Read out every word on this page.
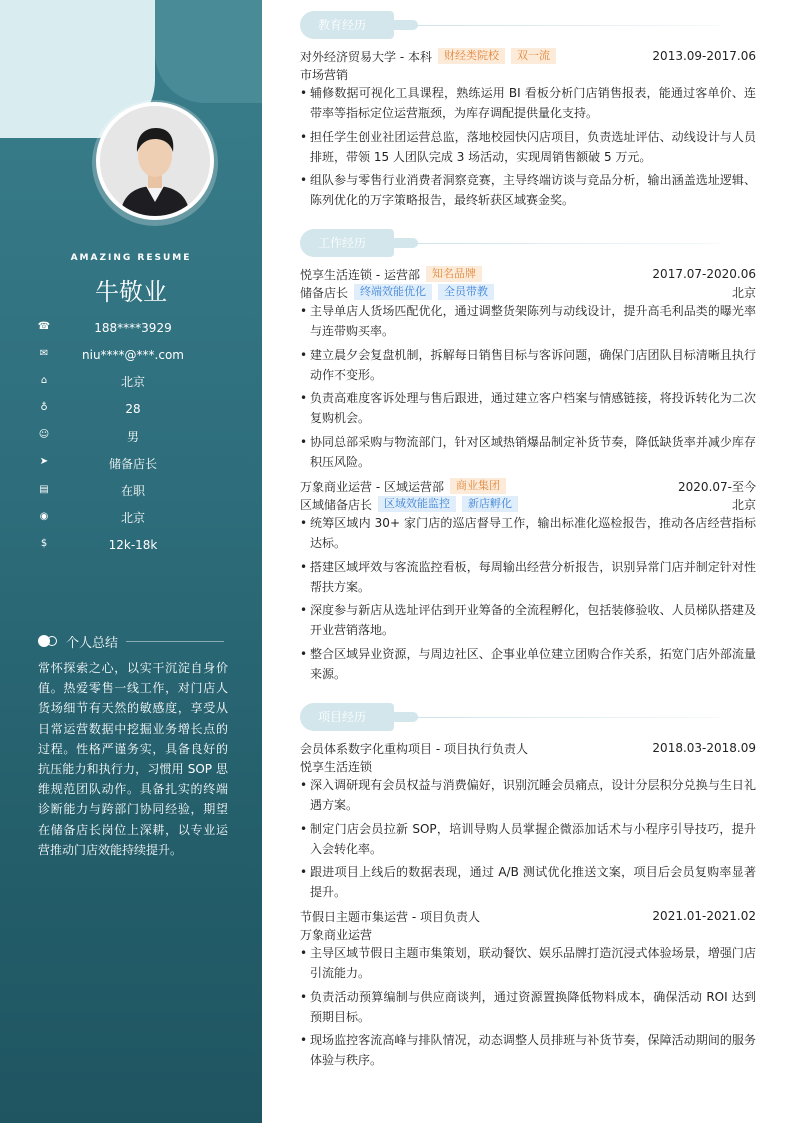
AMAZING RESUME
牛敬业
☎	188****3929
✉	niu****@***.com
⌂	北京
♁	28
☺	男
➤	储备店长
▤	在职
◉	北京
$	12k-18k
个人总结
常怀探索之心，以实干沉淀自身价值。热爱零售一线工作，对门店人货场细节有天然的敏感度，享受从日常运营数据中挖掘业务增长点的过程。性格严谨务实，具备良好的抗压能力和执行力，习惯用 SOP 思维规范团队动作。具备扎实的终端诊断能力与跨部门协同经验，期望在储备店长岗位上深耕，以专业运营推动门店效能持续提升。
教育经历
对外经济贸易大学 - 本科	财经类院校	双一流	2013.09-2017.06
市场营销
• 辅修数据可视化工具课程，熟练运用 BI 看板分析门店销售报表，能通过客单价、连带率等指标定位运营瓶颈，为库存调配提供量化支持。
• 担任学生创业社团运营总监，落地校园快闪店项目，负责选址评估、动线设计与人员排班，带领 15 人团队完成 3 场活动，实现周销售额破 5 万元。
• 组队参与零售行业消费者洞察竞赛，主导终端访谈与竞品分析，输出涵盖选址逻辑、陈列优化的万字策略报告，最终斩获区域赛金奖。
工作经历
悦享生活连锁 - 运营部	知名品牌	2017.07-2020.06
储备店长	终端效能优化	全员带教	北京
• 主导单店人货场匹配优化，通过调整货架陈列与动线设计，提升高毛利品类的曝光率与连带购买率。
• 建立晨夕会复盘机制，拆解每日销售目标与客诉问题，确保门店团队目标清晰且执行动作不变形。
• 负责高难度客诉处理与售后跟进，通过建立客户档案与情感链接，将投诉转化为二次复购机会。
• 协同总部采购与物流部门，针对区域热销爆品制定补货节奏，降低缺货率并减少库存积压风险。
万象商业运营 - 区域运营部	商业集团	2020.07-至今
区域储备店长	区域效能监控	新店孵化	北京
• 统筹区域内 30+ 家门店的巡店督导工作，输出标准化巡检报告，推动各店经营指标达标。
• 搭建区域坪效与客流监控看板，每周输出经营分析报告，识别异常门店并制定针对性帮扶方案。
• 深度参与新店从选址评估到开业筹备的全流程孵化，包括装修验收、人员梯队搭建及开业营销落地。
• 整合区域异业资源，与周边社区、企事业单位建立团购合作关系，拓宽门店外部流量来源。
项目经历
会员体系数字化重构项目 - 项目执行负责人	2018.03-2018.09
悦享生活连锁
• 深入调研现有会员权益与消费偏好，识别沉睡会员痛点，设计分层积分兑换与生日礼遇方案。
• 制定门店会员拉新 SOP，培训导购人员掌握企微添加话术与小程序引导技巧，提升入会转化率。
• 跟进项目上线后的数据表现，通过 A/B 测试优化推送文案，项目后会员复购率显著提升。
节假日主题市集运营 - 项目负责人	2021.01-2021.02
万象商业运营
• 主导区域节假日主题市集策划，联动餐饮、娱乐品牌打造沉浸式体验场景，增强门店引流能力。
• 负责活动预算编制与供应商谈判，通过资源置换降低物料成本，确保活动 ROI 达到预期目标。
• 现场监控客流高峰与排队情况，动态调整人员排班与补货节奏，保障活动期间的服务体验与秩序。
